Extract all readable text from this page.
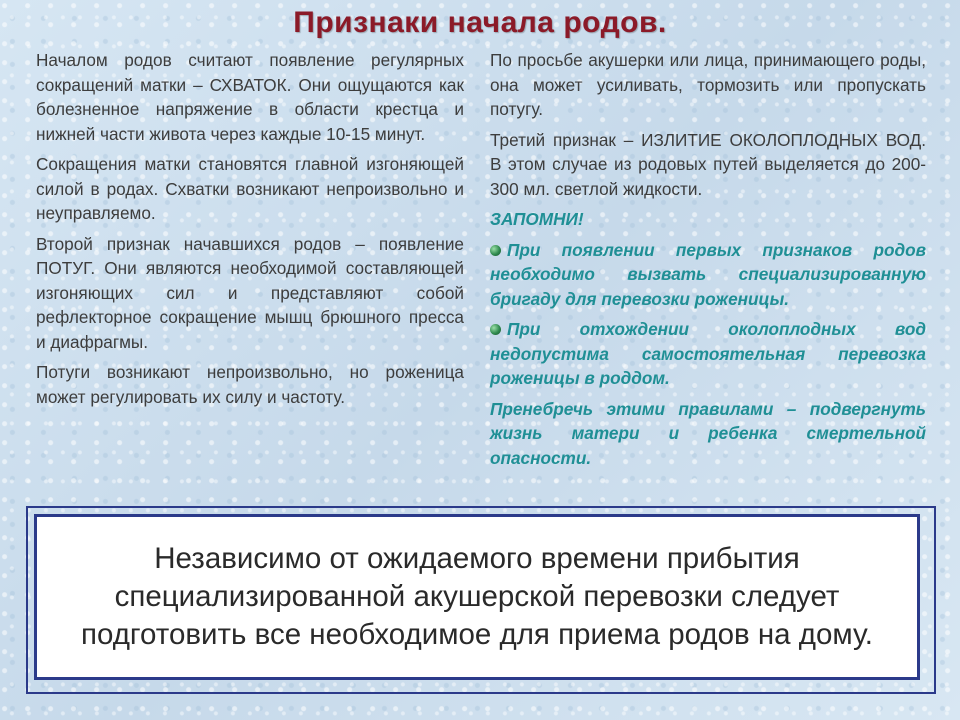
Признаки начала родов.

Началом родов считают появление регулярных сокращений матки – СХВАТОК. Они ощущаются как болезненное напряжение в области крестца и нижней части живота через каждые 10-15 минут.

Сокращения матки становятся главной изгоняющей силой в родах. Схватки возникают непроизвольно и неуправляемо.

Второй признак начавшихся родов – появление ПОТУГ. Они являются необходимой составляющей изгоняющих сил и представляют собой рефлекторное сокращение мышц брюшного пресса и диафрагмы.

Потуги возникают непроизвольно, но роженица может регулировать их силу и частоту.

По просьбе акушерки или лица, принимающего роды, она может усиливать, тормозить или пропускать потугу.

Третий признак – ИЗЛИТИЕ ОКОЛОПЛОДНЫХ ВОД. В этом случае из родовых путей выделяется до 200-300 мл. светлой жидкости.

ЗАПОМНИ!

При появлении первых признаков родов необходимо вызвать специализированную бригаду для перевозки роженицы.

При отхождении околоплодных вод недопустима самостоятельная перевозка роженицы в роддом.

Пренебречь этими правилами – подвергнуть жизнь матери и ребенка смертельной опасности.

Независимо от ожидаемого времени прибытия специализированной акушерской перевозки следует подготовить все необходимое для приема родов на дому.
